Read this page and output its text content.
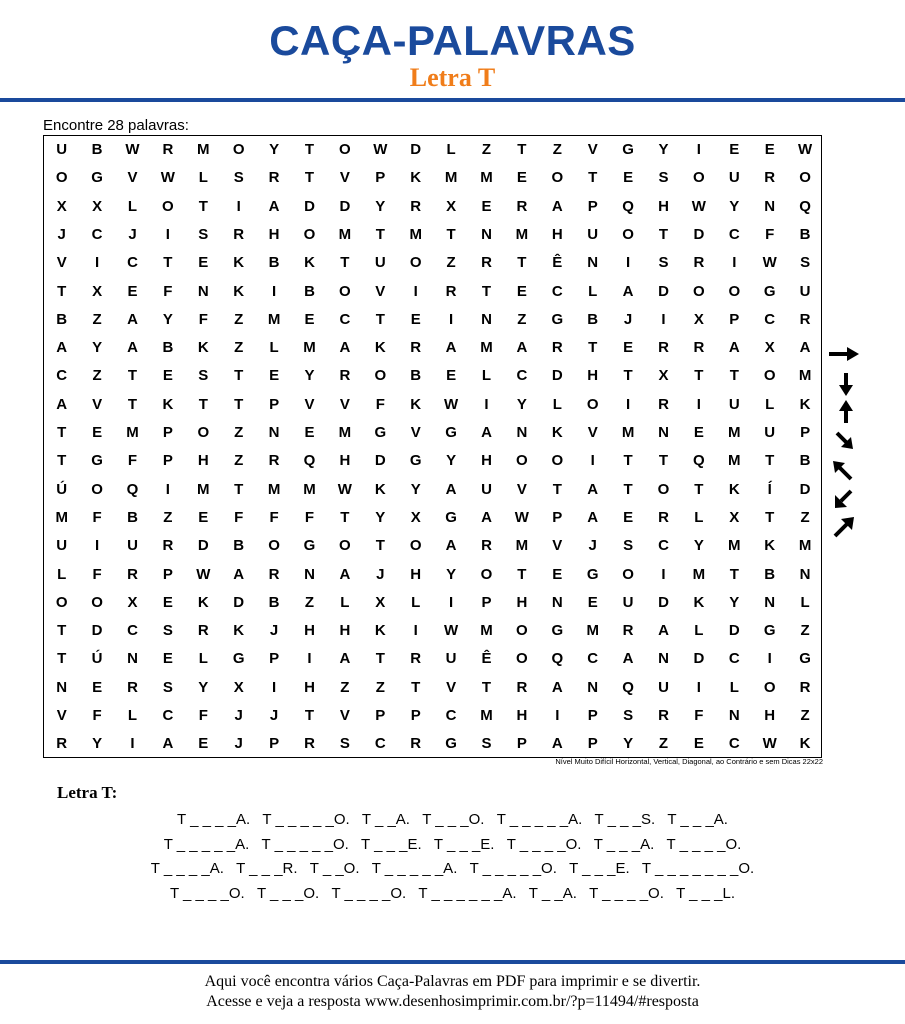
CAÇA-PALAVRAS
Letra T
Encontre 28 palavras:
U	B	W	R	M	O	Y	T	O	W	D	L	Z	T	Z	V	G	Y	I	E	E	W
O	G	V	W	L	S	R	T	V	P	K	M	M	E	O	T	E	S	O	U	R	O
X	X	L	O	T	I	A	D	D	Y	R	X	E	R	A	P	Q	H	W	Y	N	Q
J	C	J	I	S	R	H	O	M	T	M	T	N	M	H	U	O	T	D	C	F	B
V	I	C	T	E	K	B	K	T	U	O	Z	R	T	Ê	N	I	S	R	I	W	S
T	X	E	F	N	K	I	B	O	V	I	R	T	E	C	L	A	D	O	O	G	U
B	Z	A	Y	F	Z	M	E	C	T	E	I	N	Z	G	B	J	I	X	P	C	R
A	Y	A	B	K	Z	L	M	A	K	R	A	M	A	R	T	E	R	R	A	X	A
C	Z	T	E	S	T	E	Y	R	O	B	E	L	C	D	H	T	X	T	T	O	M
A	V	T	K	T	T	P	V	V	F	K	W	I	Y	L	O	I	R	I	U	L	K
T	E	M	P	O	Z	N	E	M	G	V	G	A	N	K	V	M	N	E	M	U	P
T	G	F	P	H	Z	R	Q	H	D	G	Y	H	O	O	I	T	T	Q	M	T	B
Ú	O	Q	I	M	T	M	M	W	K	Y	A	U	V	T	A	T	O	T	K	Í	D
M	F	B	Z	E	F	F	F	T	Y	X	G	A	W	P	A	E	R	L	X	T	Z
U	I	U	R	D	B	O	G	O	T	O	A	R	M	V	J	S	C	Y	M	K	M
L	F	R	P	W	A	R	N	A	J	H	Y	O	T	E	G	O	I	M	T	B	N
O	O	X	E	K	D	B	Z	L	X	L	I	P	H	N	E	U	D	K	Y	N	L
T	D	C	S	R	K	J	H	H	K	I	W	M	O	G	M	R	A	L	D	G	Z
T	Ú	N	E	L	G	P	I	A	T	R	U	Ê	O	Q	C	A	N	D	C	I	G
N	E	R	S	Y	X	I	H	Z	Z	T	V	T	R	A	N	Q	U	I	L	O	R
V	F	L	C	F	J	J	T	V	P	P	C	M	H	I	P	S	R	F	N	H	Z
R	Y	I	A	E	J	P	R	S	C	R	G	S	P	A	P	Y	Z	E	C	W	K
Nível Muito Difícil Horizontal, Vertical, Diagonal, ao Contrário e sem Dicas 22x22
Letra T:
T _ _ _ _A.   T _ _ _ _ _O.   T _ _A.   T _ _ _O.   T _ _ _ _ _A.   T _ _ _S.   T _ _ _A.
T _ _ _ _ _A.   T _ _ _ _ _O.   T _ _ _E.   T _ _ _E.   T _ _ _ _O.   T _ _ _A.   T _ _ _ _O.
T _ _ _ _A.   T _ _ _R.   T _ _O.   T _ _ _ _ _A.   T _ _ _ _ _O.   T _ _ _E.   T _ _ _ _ _ _ _O.
T _ _ _ _O.   T _ _ _O.   T _ _ _ _O.   T _ _ _ _ _ _A.   T _ _A.   T _ _ _ _O.   T _ _ _L.
Aqui você encontra vários Caça-Palavras em PDF para imprimir e se divertir.
Acesse e veja a resposta www.desenhosimprimir.com.br/?p=11494/#resposta
